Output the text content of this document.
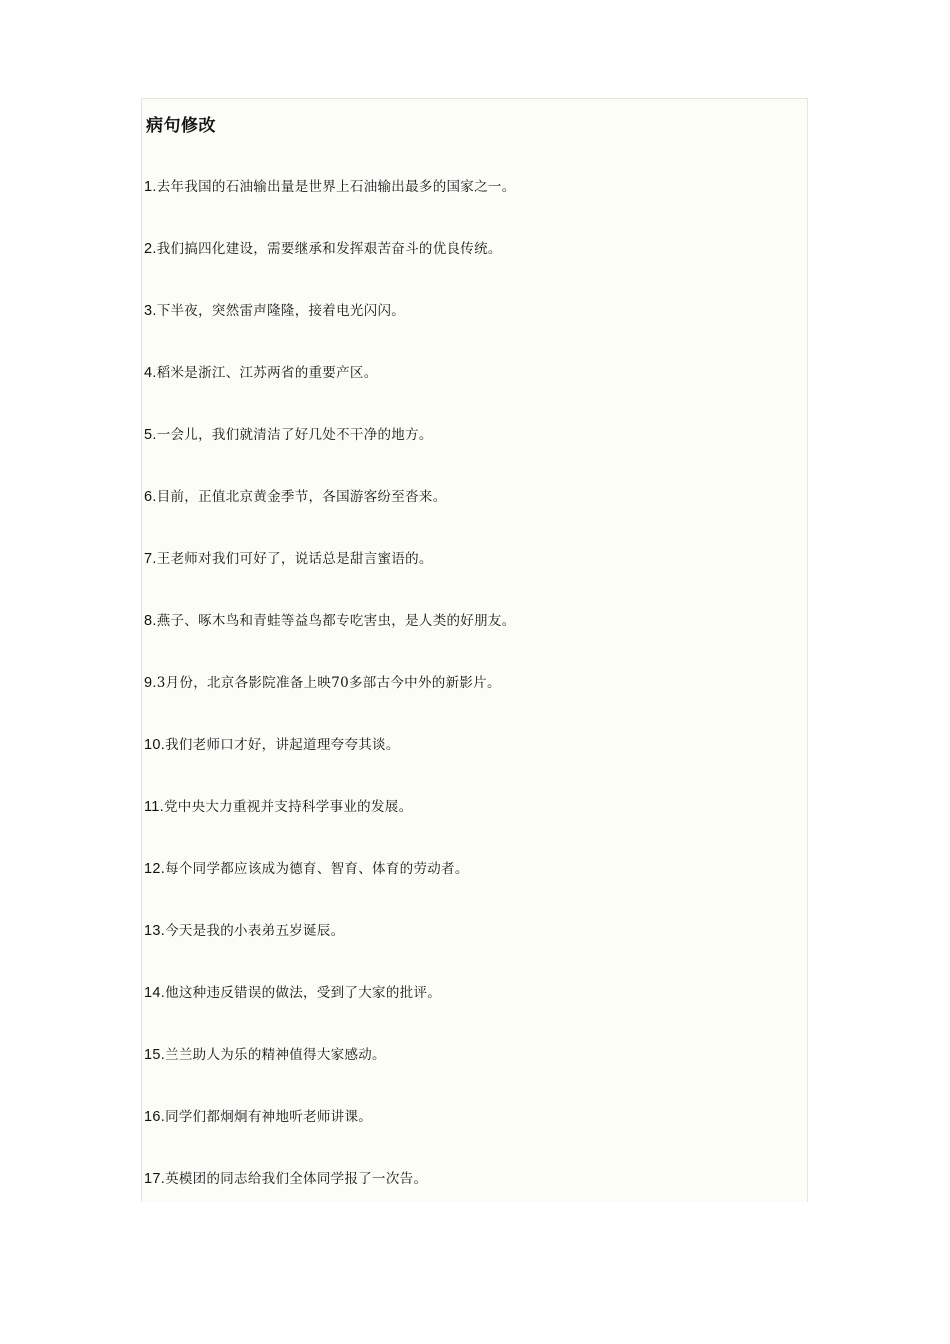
病句修改
1.去年我国的石油输出量是世界上石油输出最多的国家之一。
2.我们搞四化建设，需要继承和发挥艰苦奋斗的优良传统。
3.下半夜，突然雷声隆隆，接着电光闪闪。
4.稻米是浙江、江苏两省的重要产区。
5.一会儿，我们就清洁了好几处不干净的地方。
6.目前，正值北京黄金季节，各国游客纷至沓来。
7.王老师对我们可好了，说话总是甜言蜜语的。
8.燕子、啄木鸟和青蛙等益鸟都专吃害虫，是人类的好朋友。
9.3月份，北京各影院准备上映70多部古今中外的新影片。
10.我们老师口才好，讲起道理夸夸其谈。
11.党中央大力重视并支持科学事业的发展。
12.每个同学都应该成为德育、智育、体育的劳动者。
13.今天是我的小表弟五岁诞辰。
14.他这种违反错误的做法，受到了大家的批评。
15.兰兰助人为乐的精神值得大家感动。
16.同学们都炯炯有神地听老师讲课。
17.英模团的同志给我们全体同学报了一次告。
